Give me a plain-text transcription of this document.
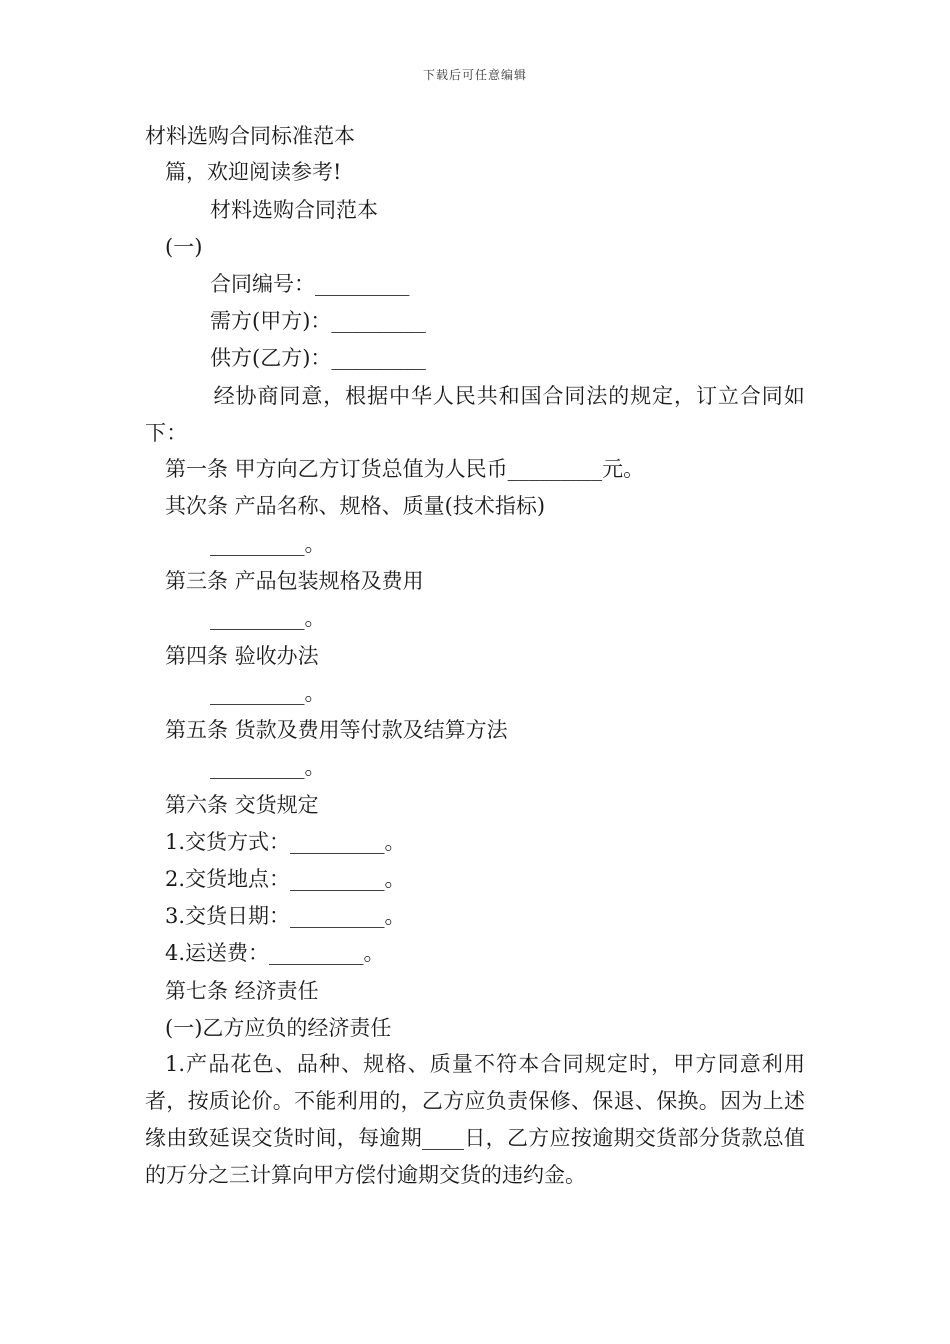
下载后可任意编辑
材料选购合同标准范本
篇，欢迎阅读参考!
材料选购合同范本
(一)
合同编号：_________
需方(甲方)：_________
供方(乙方)：_________
经协商同意，根据中华人民共和国合同法的规定，订立合同如下：
第一条 甲方向乙方订货总值为人民币_________元。
其次条 产品名称、规格、质量(技术指标)
_________。
第三条 产品包装规格及费用
_________。
第四条 验收办法
_________。
第五条 货款及费用等付款及结算方法
_________。
第六条 交货规定
1.交货方式：_________。
2.交货地点：_________。
3.交货日期：_________。
4.运送费：_________。
第七条 经济责任
(一)乙方应负的经济责任
1.产品花色、品种、规格、质量不符本合同规定时，甲方同意利用者，按质论价。不能利用的，乙方应负责保修、保退、保换。因为上述缘由致延误交货时间，每逾期____日，乙方应按逾期交货部分货款总值的万分之三计算向甲方偿付逾期交货的违约金。
